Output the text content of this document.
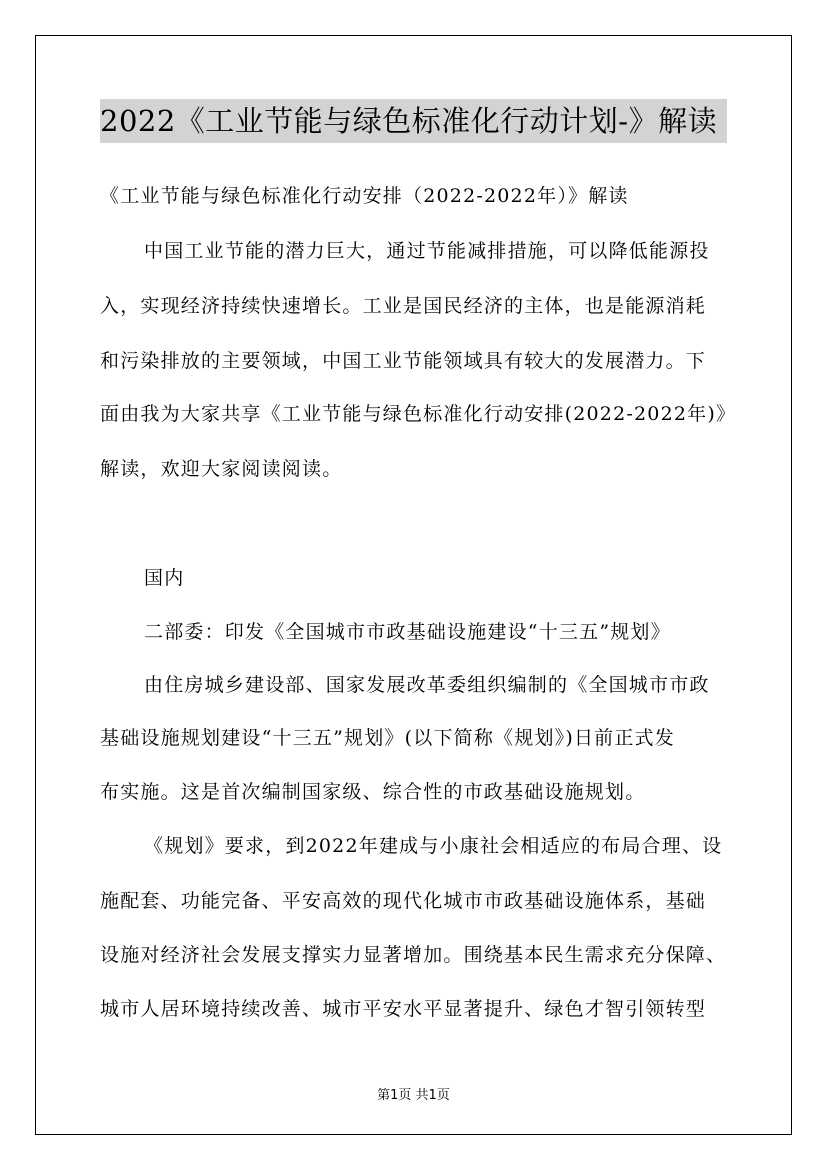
2022《工业节能与绿色标准化行动计划-》解读
《工业节能与绿色标准化行动安排（2022-2022年）》解读
中国工业节能的潜力巨大，通过节能减排措施，可以降低能源投
入，实现经济持续快速增长。工业是国民经济的主体，也是能源消耗
和污染排放的主要领域，中国工业节能领域具有较大的发展潜力。下
面由我为大家共享《工业节能与绿色标准化行动安排(2022-2022年)》
解读，欢迎大家阅读阅读。
国内
二部委：印发《全国城市市政基础设施建设“十三五”规划》
由住房城乡建设部、国家发展改革委组织编制的《全国城市市政
基础设施规划建设“十三五”规划》(以下简称《规划》)日前正式发
布实施。这是首次编制国家级、综合性的市政基础设施规划。
《规划》要求，到2022年建成与小康社会相适应的布局合理、设
施配套、功能完备、平安高效的现代化城市市政基础设施体系，基础
设施对经济社会发展支撑实力显著增加。围绕基本民生需求充分保障、
城市人居环境持续改善、城市平安水平显著提升、绿色才智引领转型
第1页 共1页
